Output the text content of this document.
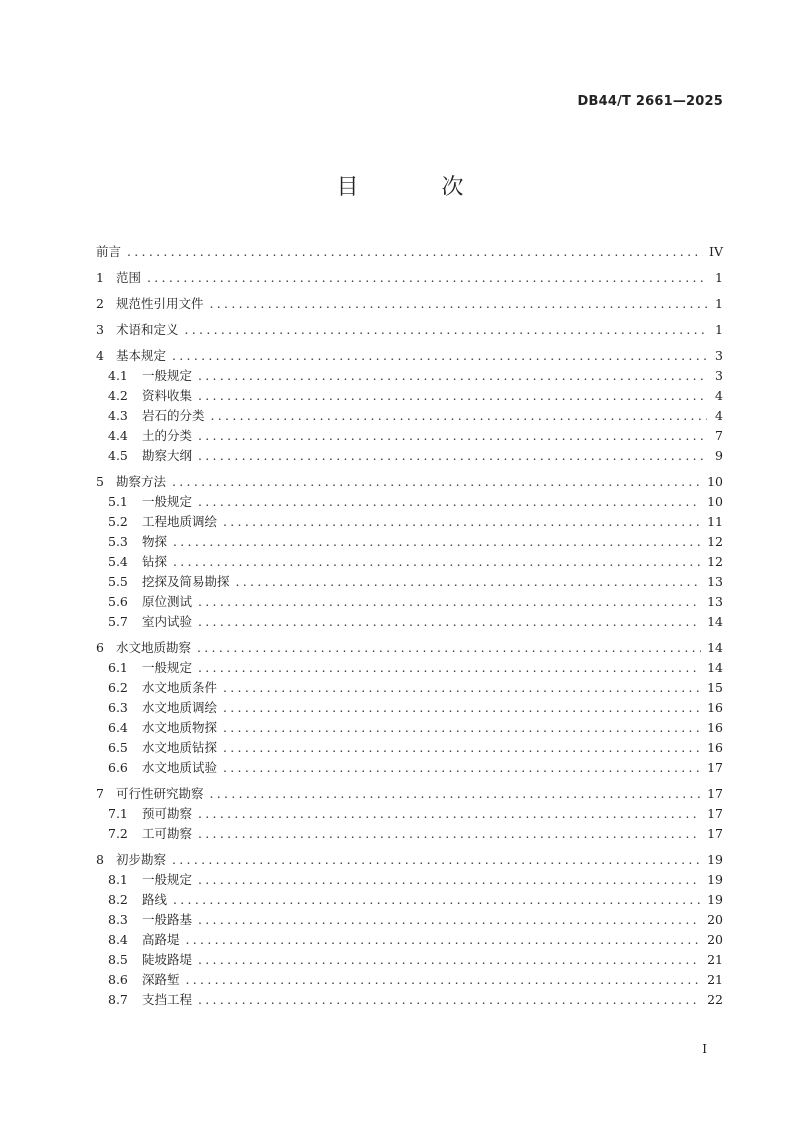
DB44/T 2661—2025
目 次
前言 .....	IV
1 范围 .....	1
2 规范性引用文件 .....	1
3 术语和定义 .....	1
4 基本规定 .....	3
4.1	一般规定 .....	3
4.2	资料收集 .....	4
4.3	岩石的分类 .....	4
4.4	土的分类 .....	7
4.5	勘察大纲 .....	9
5 勘察方法 .....	10
5.1	一般规定 .....	10
5.2	工程地质调绘 .....	11
5.3	物探 .....	12
5.4	钻探 .....	12
5.5	挖探及简易勘探 .....	13
5.6	原位测试 .....	13
5.7	室内试验 .....	14
6 水文地质勘察 .....	14
6.1	一般规定 .....	14
6.2	水文地质条件 .....	15
6.3	水文地质调绘 .....	16
6.4	水文地质物探 .....	16
6.5	水文地质钻探 .....	16
6.6	水文地质试验 .....	17
7 可行性研究勘察 .....	17
7.1	预可勘察 .....	17
7.2	工可勘察 .....	17
8 初步勘察 .....	19
8.1	一般规定 .....	19
8.2	路线 .....	19
8.3	一般路基 .....	20
8.4	高路堤 .....	20
8.5	陡坡路堤 .....	21
8.6	深路堑 .....	21
8.7	支挡工程 .....	22
I
